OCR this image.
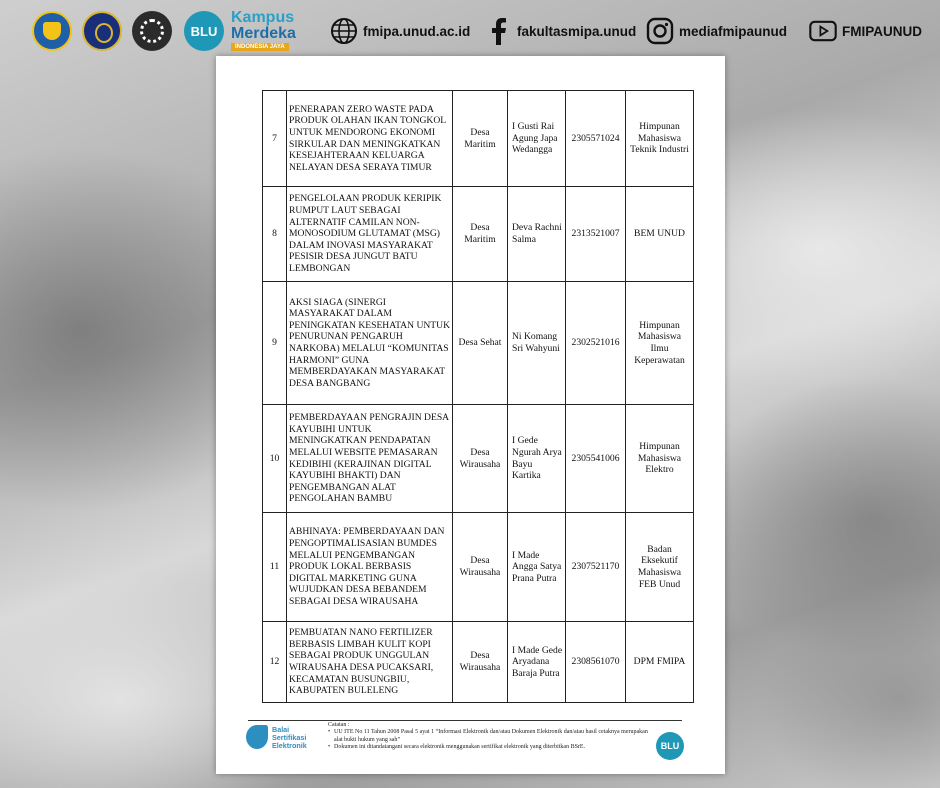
BLU
Kampus
Merdeka
INDONESIA JAYA
fmipa.unud.ac.id	fakultasmipa.unud	mediafmipaunud	FMIPAUNUD
7	PENERAPAN ZERO WASTE PADA PRODUK OLAHAN IKAN TONGKOL UNTUK MENDORONG EKONOMI SIRKULAR DAN MENINGKATKAN KESEJAHTERAAN KELUARGA NELAYAN DESA SERAYA TIMUR	Desa Maritim	I Gusti Rai Agung Japa Wedangga	2305571024	Himpunan Mahasiswa Teknik Industri
8	PENGELOLAAN PRODUK KERIPIK RUMPUT LAUT SEBAGAI ALTERNATIF CAMILAN NON-MONOSODIUM GLUTAMAT (MSG) DALAM INOVASI MASYARAKAT PESISIR DESA JUNGUT BATU LEMBONGAN	Desa Maritim	Deva Rachni Salma	2313521007	BEM UNUD
9	AKSI SIAGA (SINERGI MASYARAKAT DALAM PENINGKATAN KESEHATAN UNTUK PENURUNAN PENGARUH NARKOBA) MELALUI “KOMUNITAS HARMONI” GUNA MEMBERDAYAKAN MASYARAKAT DESA BANGBANG	Desa Sehat	Ni Komang Sri Wahyuni	2302521016	Himpunan Mahasiswa Ilmu Keperawatan
10	PEMBERDAYAAN PENGRAJIN DESA KAYUBIHI UNTUK MENINGKATKAN PENDAPATAN MELALUI WEBSITE PEMASARAN KEDIBIHI (KERAJINAN DIGITAL KAYUBIHI BHAKTI) DAN PENGEMBANGAN ALAT PENGOLAHAN BAMBU	Desa Wirausaha	I Gede Ngurah Arya Bayu Kartika	2305541006	Himpunan Mahasiswa Elektro
11	ABHINAYA: PEMBERDAYAAN DAN PENGOPTIMALISASIAN BUMDES MELALUI PENGEMBANGAN PRODUK LOKAL BERBASIS DIGITAL MARKETING GUNA WUJUDKAN DESA BEBANDEM SEBAGAI DESA WIRAUSAHA	Desa Wirausaha	I Made Angga Satya Prana Putra	2307521170	Badan Eksekutif Mahasiswa FEB Unud
12	PEMBUATAN NANO FERTILIZER BERBASIS LIMBAH KULIT KOPI SEBAGAI PRODUK UNGGULAN WIRAUSAHA DESA PUCAKSARI, KECAMATAN BUSUNGBIU, KABUPATEN BULELENG	Desa Wirausaha	I Made Gede Aryadana Baraja Putra	2308561070	DPM FMIPA
Balai Sertifikasi Elektronik
Catatan :
• UU ITE No 11 Tahun 2008 Pasal 5 ayat 1 “Informasi Elektronik dan/atau Dokumen Elektronik dan/atau hasil cetaknya merupakan alat bukti hukum yang sah”
• Dokumen ini ditandatangani secara elektronik menggunakan sertifikat elektronik yang diterbitkan BSrE.	BLU
